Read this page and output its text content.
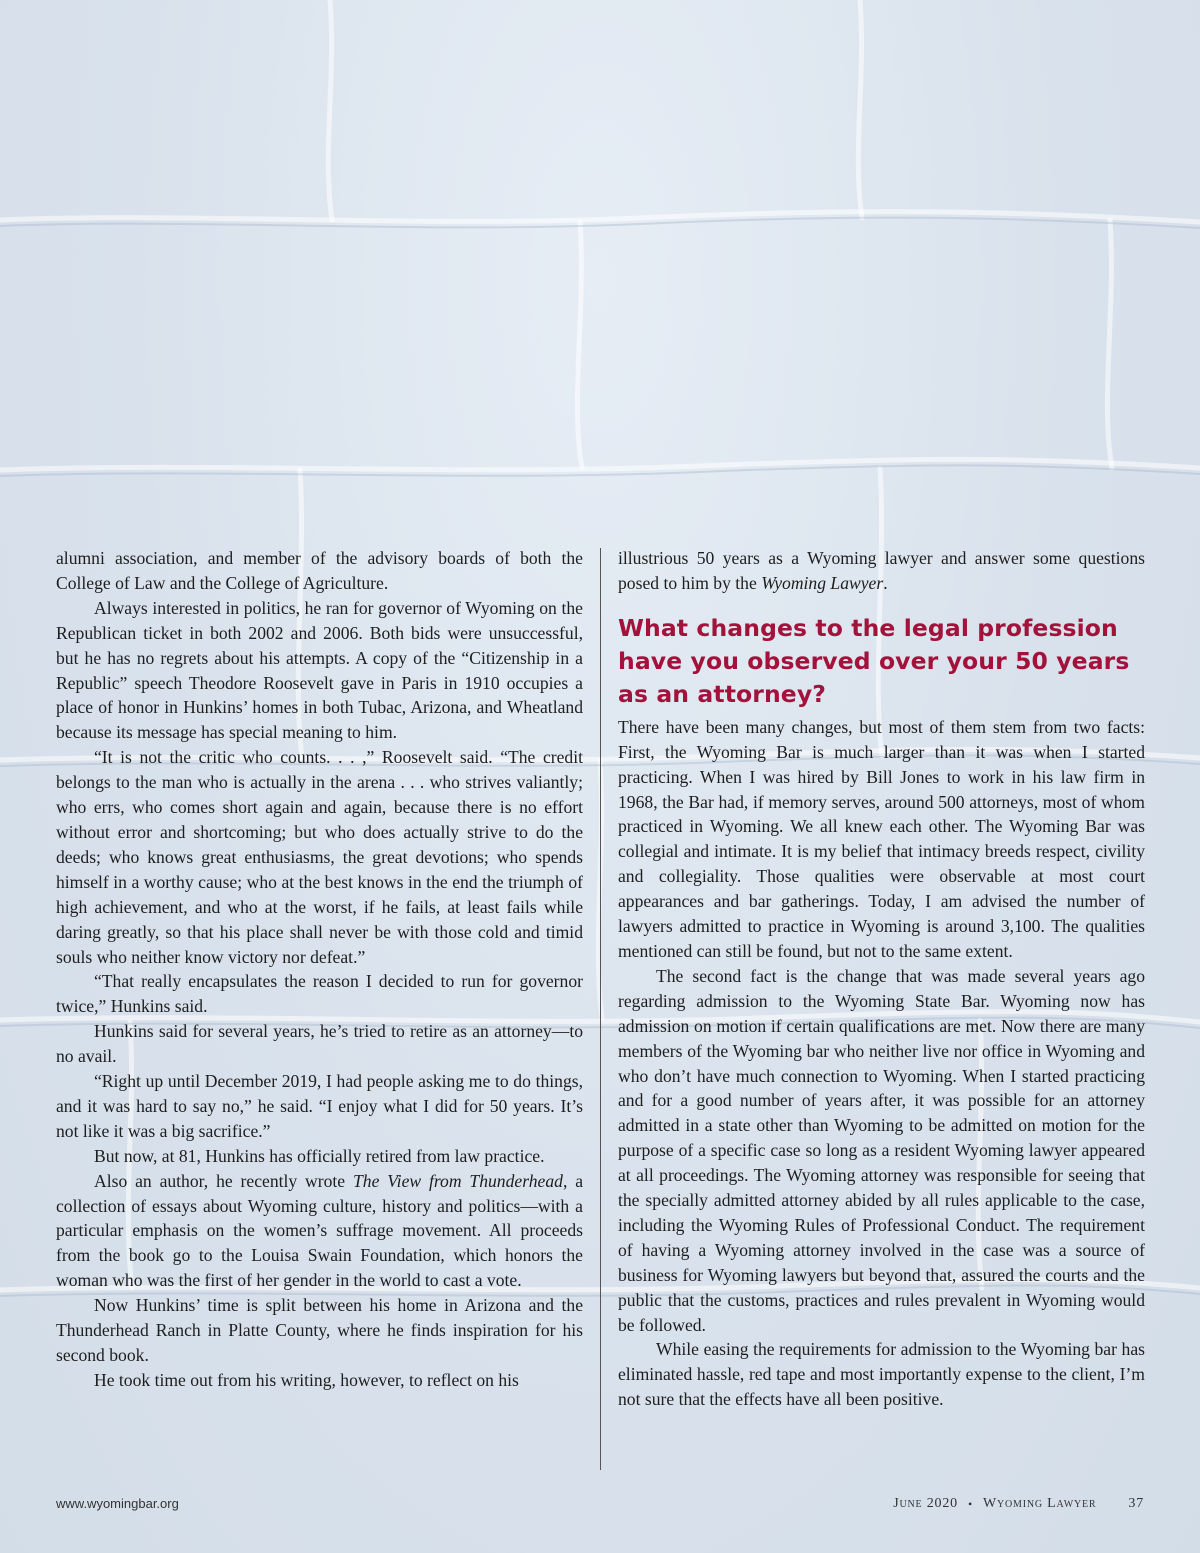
alumni association, and member of the advisory boards of both the College of Law and the College of Agriculture.

Always interested in politics, he ran for governor of Wyoming on the Republican ticket in both 2002 and 2006. Both bids were unsuccessful, but he has no regrets about his attempts. A copy of the “Citizenship in a Republic” speech Theodore Roosevelt gave in Paris in 1910 occupies a place of honor in Hunkins’ homes in both Tubac, Arizona, and Wheatland because its message has special meaning to him.

“It is not the critic who counts. . . ,” Roosevelt said. “The credit belongs to the man who is actually in the arena . . . who strives valiantly; who errs, who comes short again and again, because there is no effort without error and shortcoming; but who does actually strive to do the deeds; who knows great enthusiasms, the great devotions; who spends himself in a worthy cause; who at the best knows in the end the triumph of high achievement, and who at the worst, if he fails, at least fails while daring greatly, so that his place shall never be with those cold and timid souls who neither know victory nor defeat.”

“That really encapsulates the reason I decided to run for governor twice,” Hunkins said.

Hunkins said for several years, he’s tried to retire as an attorney—to no avail.

“Right up until December 2019, I had people asking me to do things, and it was hard to say no,” he said. “I enjoy what I did for 50 years. It’s not like it was a big sacrifice.”

But now, at 81, Hunkins has officially retired from law practice.

Also an author, he recently wrote The View from Thunderhead, a collection of essays about Wyoming culture, history and politics—with a particular emphasis on the women’s suffrage movement. All proceeds from the book go to the Louisa Swain Foundation, which honors the woman who was the first of her gender in the world to cast a vote.

Now Hunkins’ time is split between his home in Arizona and the Thunderhead Ranch in Platte County, where he finds inspiration for his second book.

He took time out from his writing, however, to reflect on his

illustrious 50 years as a Wyoming lawyer and answer some questions posed to him by the Wyoming Lawyer.

What changes to the legal profession have you observed over your 50 years as an attorney?

There have been many changes, but most of them stem from two facts: First, the Wyoming Bar is much larger than it was when I started practicing. When I was hired by Bill Jones to work in his law firm in 1968, the Bar had, if memory serves, around 500 attorneys, most of whom practiced in Wyoming. We all knew each other. The Wyoming Bar was collegial and intimate. It is my belief that intimacy breeds respect, civility and collegiality. Those qualities were observable at most court appearances and bar gatherings. Today, I am advised the number of lawyers admitted to practice in Wyoming is around 3,100. The qualities mentioned can still be found, but not to the same extent.

The second fact is the change that was made several years ago regarding admission to the Wyoming State Bar. Wyoming now has admission on motion if certain qualifications are met. Now there are many members of the Wyoming bar who neither live nor office in Wyoming and who don’t have much connection to Wyoming. When I started practicing and for a good number of years after, it was possible for an attorney admitted in a state other than Wyoming to be admitted on motion for the purpose of a specific case so long as a resident Wyoming lawyer appeared at all proceedings. The Wyoming attorney was responsible for seeing that the specially admitted attorney abided by all rules applicable to the case, including the Wyoming Rules of Professional Conduct. The requirement of having a Wyoming attorney involved in the case was a source of business for Wyoming lawyers but beyond that, assured the courts and the public that the customs, practices and rules prevalent in Wyoming would be followed.

While easing the requirements for admission to the Wyoming bar has eliminated hassle, red tape and most importantly expense to the client, I’m not sure that the effects have all been positive.

www.wyomingbar.org	June 2020 • Wyoming Lawyer 37
